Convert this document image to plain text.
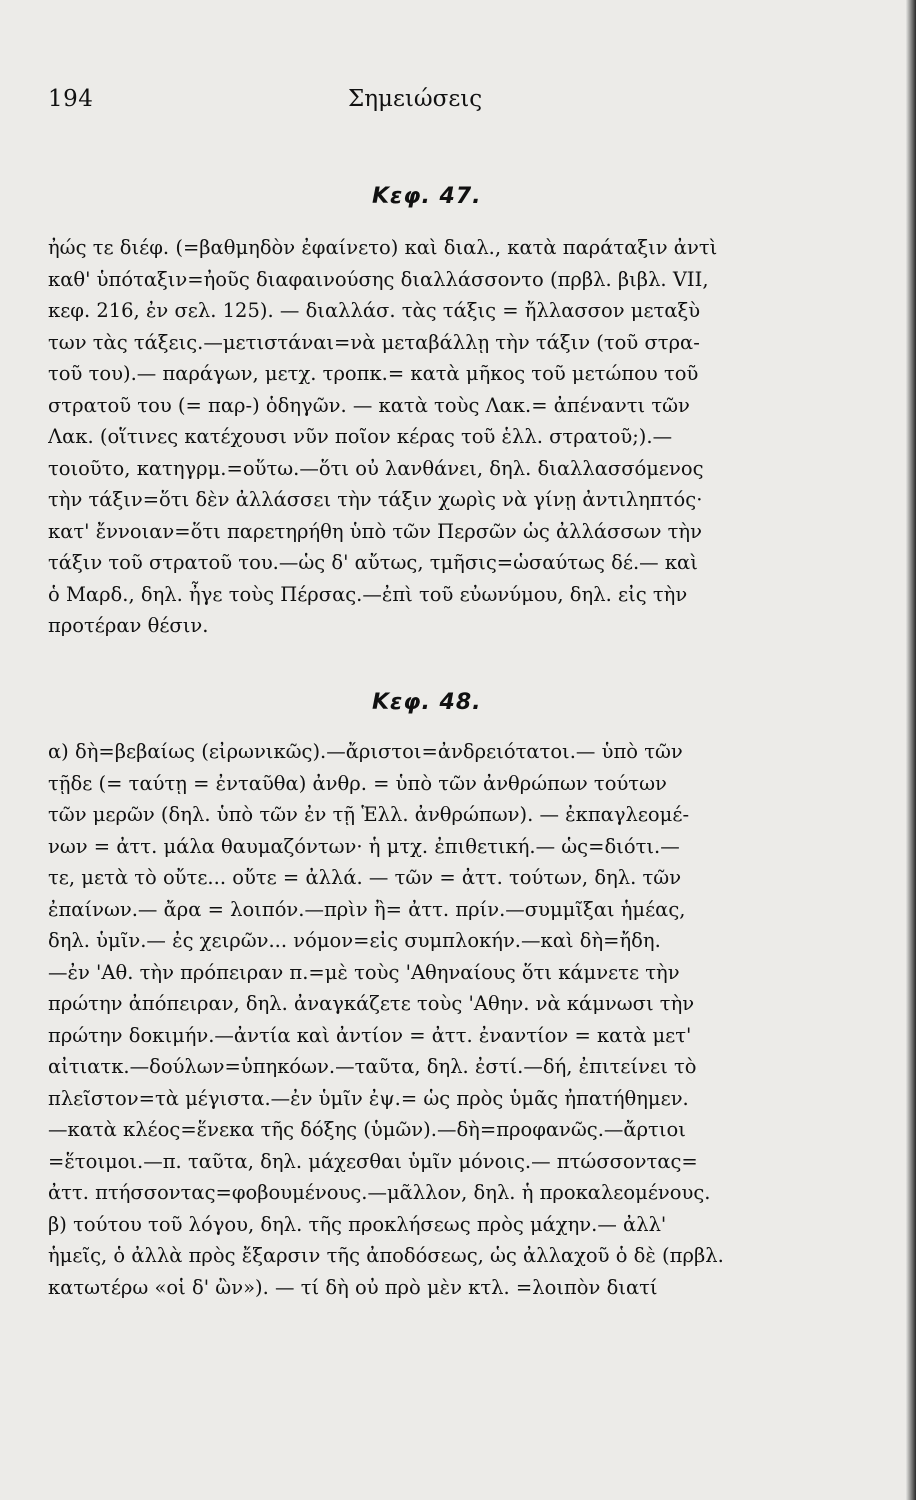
194	Σημειώσεις
Κεφ. 47.
ἠώς τε διέφ. (=βαθμηδὸν ἐφαίνετο) καὶ διαλ., κατὰ παράταξιν ἀντὶ
καθ' ὑπόταξιν=ἠοῦς διαφαινούσης διαλλάσσοντο (πρβλ. βιβλ. VII,
κεφ. 216, ἐν σελ. 125). — διαλλάσ. τὰς τάξις = ἤλλασσον μεταξὺ
των τὰς τάξεις.—μετιστάναι=νὰ μεταβάλλῃ τὴν τάξιν (τοῦ στρα-
τοῦ του).— παράγων, μετχ. τροπκ.= κατὰ μῆκος τοῦ μετώπου τοῦ
στρατοῦ του (= παρ-) ὁδηγῶν. — κατὰ τοὺς Λακ.= ἀπέναντι τῶν
Λακ. (οἵτινες κατέχουσι νῦν ποῖον κέρας τοῦ ἑλλ. στρατοῦ;).—
τοιοῦτο, κατηγρμ.=οὕτω.—ὅτι οὐ λανθάνει, δηλ. διαλλασσόμενος
τὴν τάξιν=ὅτι δὲν ἀλλάσσει τὴν τάξιν χωρὶς νὰ γίνῃ ἀντιληπτός·
κατ' ἔννοιαν=ὅτι παρετηρήθη ὑπὸ τῶν Περσῶν ὡς ἀλλάσσων τὴν
τάξιν τοῦ στρατοῦ του.—ὡς δ' αὔτως, τμῆσις=ὡσαύτως δέ.— καὶ
ὁ Μαρδ., δηλ. ἦγε τοὺς Πέρσας.—ἐπὶ τοῦ εὐωνύμου, δηλ. εἰς τὴν
προτέραν θέσιν.
Κεφ. 48.
α) δὴ=βεβαίως (εἰρωνικῶς).—ἄριστοι=ἀνδρειότατοι.— ὑπὸ τῶν
τῇδε (= ταύτῃ = ἐνταῦθα) ἀνθρ. = ὑπὸ τῶν ἀνθρώπων τούτων
τῶν μερῶν (δηλ. ὑπὸ τῶν ἐν τῇ Ἑλλ. ἀνθρώπων). — ἐκπαγλεομέ-
νων = ἀττ. μάλα θαυμαζόντων· ἡ μτχ. ἐπιθετική.— ὡς=διότι.—
τε, μετὰ τὸ οὔτε... οὔτε = ἀλλά. — τῶν = ἀττ. τούτων, δηλ. τῶν
ἐπαίνων.— ἄρα = λοιπόν.—πρὶν ἢ= ἀττ. πρίν.—συμμῖξαι ἡμέας,
δηλ. ὑμῖν.— ἐς χειρῶν... νόμον=εἰς συμπλοκήν.—καὶ δὴ=ἤδη.
—ἐν 'Αθ. τὴν πρόπειραν π.=μὲ τοὺς 'Αθηναίους ὅτι κάμνετε τὴν
πρώτην ἀπόπειραν, δηλ. ἀναγκάζετε τοὺς 'Αθην. νὰ κάμνωσι τὴν
πρώτην δοκιμήν.—ἀντία καὶ ἀντίον = ἀττ. ἐναντίον = κατὰ μετ'
αἰτιατκ.—δούλων=ὑπηκόων.—ταῦτα, δηλ. ἐστί.—δή, ἐπιτείνει τὸ
πλεῖστον=τὰ μέγιστα.—ἐν ὑμῖν ἐψ.= ὡς πρὸς ὑμᾶς ἠπατήθημεν.
—κατὰ κλέος=ἕνεκα τῆς δόξης (ὑμῶν).—δὴ=προφανῶς.—ἄρτιοι
=ἕτοιμοι.—π. ταῦτα, δηλ. μάχεσθαι ὑμῖν μόνοις.— πτώσσοντας=
ἀττ. πτήσσοντας=φοβουμένους.—μᾶλλον, δηλ. ἡ προκαλεομένους.
β) τούτου τοῦ λόγου, δηλ. τῆς προκλήσεως πρὸς μάχην.— ἀλλ'
ἡμεῖς, ὁ ἀλλὰ πρὸς ἔξαρσιν τῆς ἀποδόσεως, ὡς ἀλλαχοῦ ὁ δὲ (πρβλ.
κατωτέρω «οἱ δ' ὢν»). — τί δὴ οὐ πρὸ μὲν κτλ. =λοιπὸν διατί
